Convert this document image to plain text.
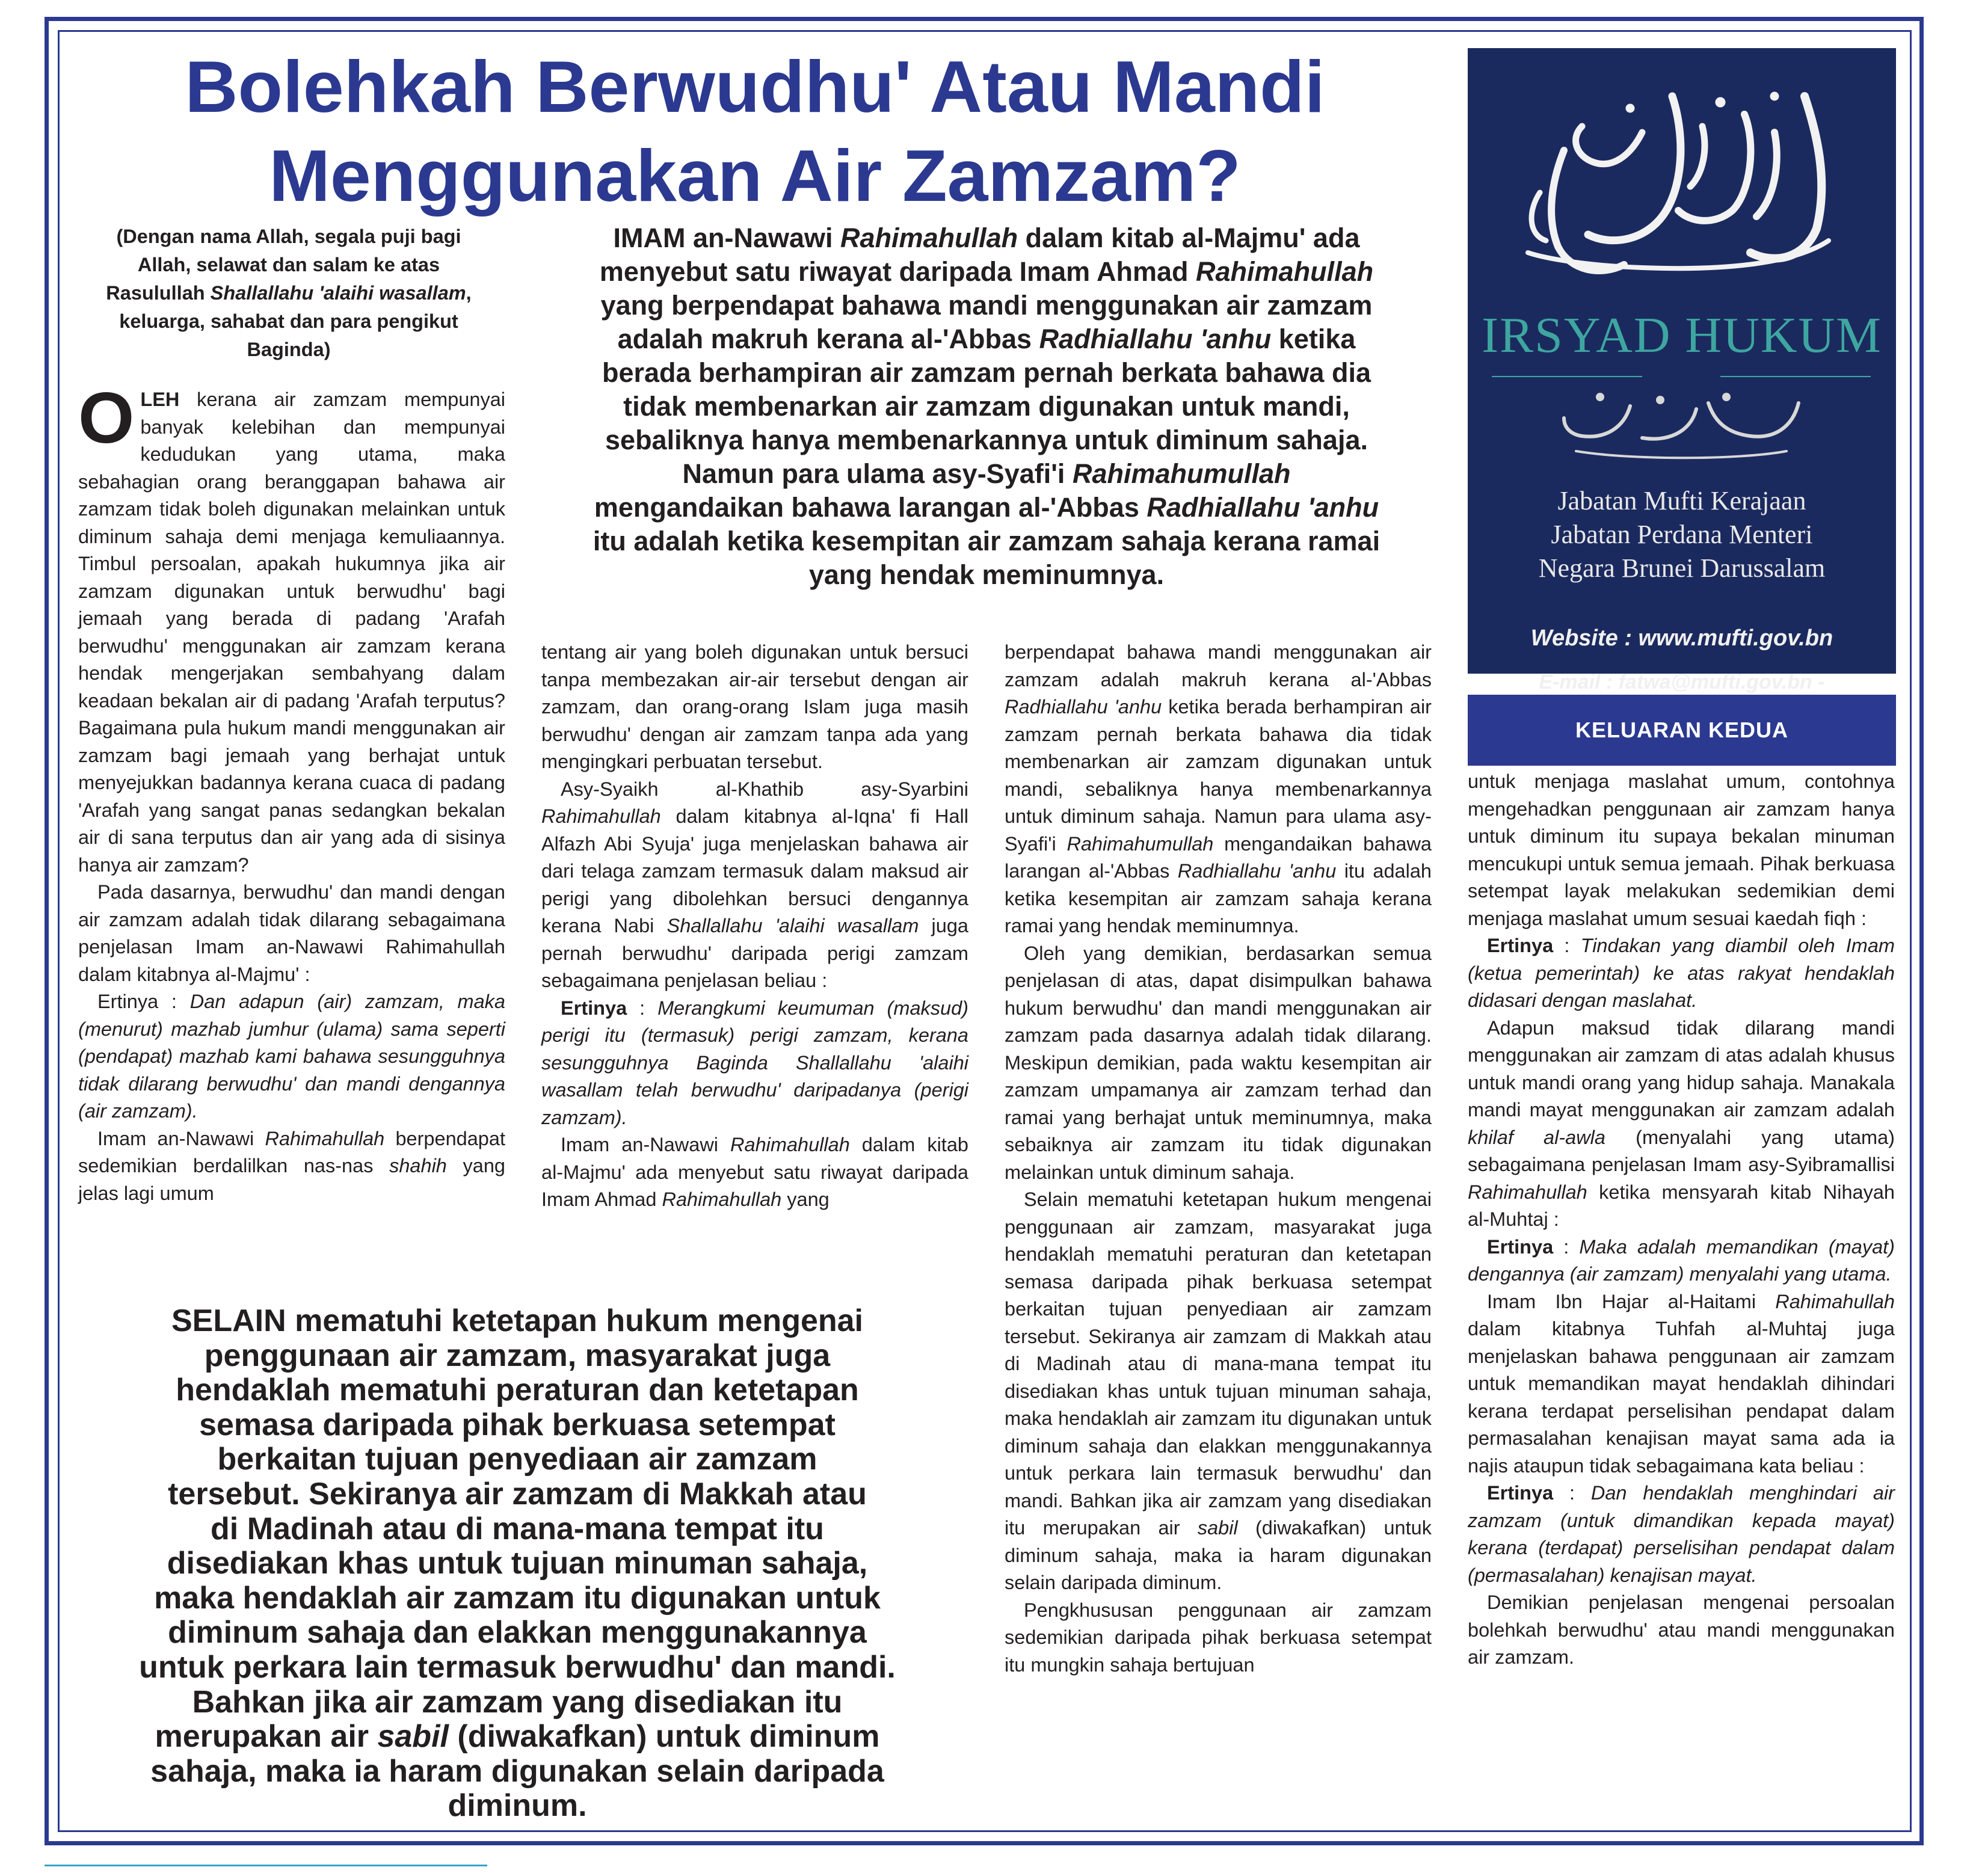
Bolehkah Berwudhu' Atau Mandi
Menggunakan Air Zamzam?
(Dengan nama Allah, segala puji bagi
Allah, selawat dan salam ke atas
Rasulullah Shallallahu 'alaihi wasallam,
keluarga, sahabat dan para pengikut
Baginda)
IMAM an-Nawawi Rahimahullah dalam kitab al-Majmu' ada
menyebut satu riwayat daripada Imam Ahmad Rahimahullah
yang berpendapat bahawa mandi menggunakan air zamzam
adalah makruh kerana al-'Abbas Radhiallahu 'anhu ketika
berada berhampiran air zamzam pernah berkata bahawa dia
tidak membenarkan air zamzam digunakan untuk mandi,
sebaliknya hanya membenarkannya untuk diminum sahaja.
Namun para ulama asy-Syafi'i Rahimahumullah
mengandaikan bahawa larangan al-'Abbas Radhiallahu 'anhu
itu adalah ketika kesempitan air zamzam sahaja kerana ramai
yang hendak meminumnya.

OLEH kerana air zamzam mempunyai banyak kelebihan dan mempunyai kedudukan yang utama, maka sebahagian orang beranggapan bahawa air zamzam tidak boleh digunakan melainkan untuk diminum sahaja demi menjaga kemuliaannya. Timbul persoalan, apakah hukumnya jika air zamzam digunakan untuk berwudhu' bagi jemaah yang berada di padang 'Arafah berwudhu' menggunakan air zamzam kerana hendak mengerjakan sembahyang dalam keadaan bekalan air di padang 'Arafah terputus? Bagaimana pula hukum mandi menggunakan air zamzam bagi jemaah yang berhajat untuk menyejukkan badannya kerana cuaca di padang 'Arafah yang sangat panas sedangkan bekalan air di sana terputus dan air yang ada di sisinya hanya air zamzam?

Pada dasarnya, berwudhu' dan mandi dengan air zamzam adalah tidak dilarang sebagaimana penjelasan Imam an-Nawawi Rahimahullah dalam kitabnya al-Majmu' :

Ertinya : Dan adapun (air) zamzam, maka (menurut) mazhab jumhur (ulama) sama seperti (pendapat) mazhab kami bahawa sesungguhnya tidak dilarang berwudhu' dan mandi dengannya (air zamzam).

Imam an-Nawawi Rahimahullah berpendapat sedemikian berdalilkan nas-nas shahih yang jelas lagi umum

tentang air yang boleh digunakan untuk bersuci tanpa membezakan air-air tersebut dengan air zamzam, dan orang-orang Islam juga masih berwudhu' dengan air zamzam tanpa ada yang mengingkari perbuatan tersebut.

Asy-Syaikh al-Khathib asy-Syarbini Rahimahullah dalam kitabnya al-Iqna' fi Hall Alfazh Abi Syuja' juga menjelaskan bahawa air dari telaga zamzam termasuk dalam maksud air perigi yang dibolehkan bersuci dengannya kerana Nabi Shallallahu 'alaihi wasallam juga pernah berwudhu' daripada perigi zamzam sebagaimana penjelasan beliau :

Ertinya : Merangkumi keumuman (maksud) perigi itu (termasuk) perigi zamzam, kerana sesungguhnya Baginda Shallallahu 'alaihi wasallam telah berwudhu' daripadanya (perigi zamzam).

Imam an-Nawawi Rahimahullah dalam kitab al-Majmu' ada menyebut satu riwayat daripada Imam Ahmad Rahimahullah yang

berpendapat bahawa mandi menggunakan air zamzam adalah makruh kerana al-'Abbas Radhiallahu 'anhu ketika berada berhampiran air zamzam pernah berkata bahawa dia tidak membenarkan air zamzam digunakan untuk mandi, sebaliknya hanya membenarkannya untuk diminum sahaja. Namun para ulama asy-Syafi'i Rahimahumullah mengandaikan bahawa larangan al-'Abbas Radhiallahu 'anhu itu adalah ketika kesempitan air zamzam sahaja kerana ramai yang hendak meminumnya.

Oleh yang demikian, berdasarkan semua penjelasan di atas, dapat disimpulkan bahawa hukum berwudhu' dan mandi menggunakan air zamzam pada dasarnya adalah tidak dilarang. Meskipun demikian, pada waktu kesempitan air zamzam umpamanya air zamzam terhad dan ramai yang berhajat untuk meminumnya, maka sebaiknya air zamzam itu tidak digunakan melainkan untuk diminum sahaja.

Selain mematuhi ketetapan hukum mengenai penggunaan air zamzam, masyarakat juga hendaklah mematuhi peraturan dan ketetapan semasa daripada pihak berkuasa setempat berkaitan tujuan penyediaan air zamzam tersebut. Sekiranya air zamzam di Makkah atau di Madinah atau di mana-mana tempat itu disediakan khas untuk tujuan minuman sahaja, maka hendaklah air zamzam itu digunakan untuk diminum sahaja dan elakkan menggunakannya untuk perkara lain termasuk berwudhu' dan mandi. Bahkan jika air zamzam yang disediakan itu merupakan air sabil (diwakafkan) untuk diminum sahaja, maka ia haram digunakan selain daripada diminum.

Pengkhususan penggunaan air zamzam sedemikian daripada pihak berkuasa setempat itu mungkin sahaja bertujuan

untuk menjaga maslahat umum, contohnya mengehadkan penggunaan air zamzam hanya untuk diminum itu supaya bekalan minuman mencukupi untuk semua jemaah. Pihak berkuasa setempat layak melakukan sedemikian demi menjaga maslahat umum sesuai kaedah fiqh :

Ertinya : Tindakan yang diambil oleh Imam (ketua pemerintah) ke atas rakyat hendaklah didasari dengan maslahat.

Adapun maksud tidak dilarang mandi menggunakan air zamzam di atas adalah khusus untuk mandi orang yang hidup sahaja. Manakala mandi mayat menggunakan air zamzam adalah khilaf al-awla (menyalahi yang utama) sebagaimana penjelasan Imam asy-Syibramallisi Rahimahullah ketika mensyarah kitab Nihayah al-Muhtaj :

Ertinya : Maka adalah memandikan (mayat) dengannya (air zamzam) menyalahi yang utama.

Imam Ibn Hajar al-Haitami Rahimahullah dalam kitabnya Tuhfah al-Muhtaj juga menjelaskan bahawa penggunaan air zamzam untuk memandikan mayat hendaklah dihindari kerana terdapat perselisihan pendapat dalam permasalahan kenajisan mayat sama ada ia najis ataupun tidak sebagaimana kata beliau :

Ertinya : Dan hendaklah menghindari air zamzam (untuk dimandikan kepada mayat) kerana (terdapat) perselisihan pendapat dalam (permasalahan) kenajisan mayat.

Demikian penjelasan mengenai persoalan bolehkah berwudhu' atau mandi menggunakan air zamzam.

SELAIN mematuhi ketetapan hukum mengenai
penggunaan air zamzam, masyarakat juga
hendaklah mematuhi peraturan dan ketetapan
semasa daripada pihak berkuasa setempat
berkaitan tujuan penyediaan air zamzam
tersebut. Sekiranya air zamzam di Makkah atau
di Madinah atau di mana-mana tempat itu
disediakan khas untuk tujuan minuman sahaja,
maka hendaklah air zamzam itu digunakan untuk
diminum sahaja dan elakkan menggunakannya
untuk perkara lain termasuk berwudhu' dan mandi.
Bahkan jika air zamzam yang disediakan itu
merupakan air sabil (diwakafkan) untuk diminum
sahaja, maka ia haram digunakan selain daripada
diminum.
IRSYAD HUKUM
Jabatan Mufti Kerajaan
Jabatan Perdana Menteri
Negara Brunei Darussalam
Website : www.mufti.gov.bn
E-mail : fatwa@mufti.gov.bn -
KELUARAN KEDUA
